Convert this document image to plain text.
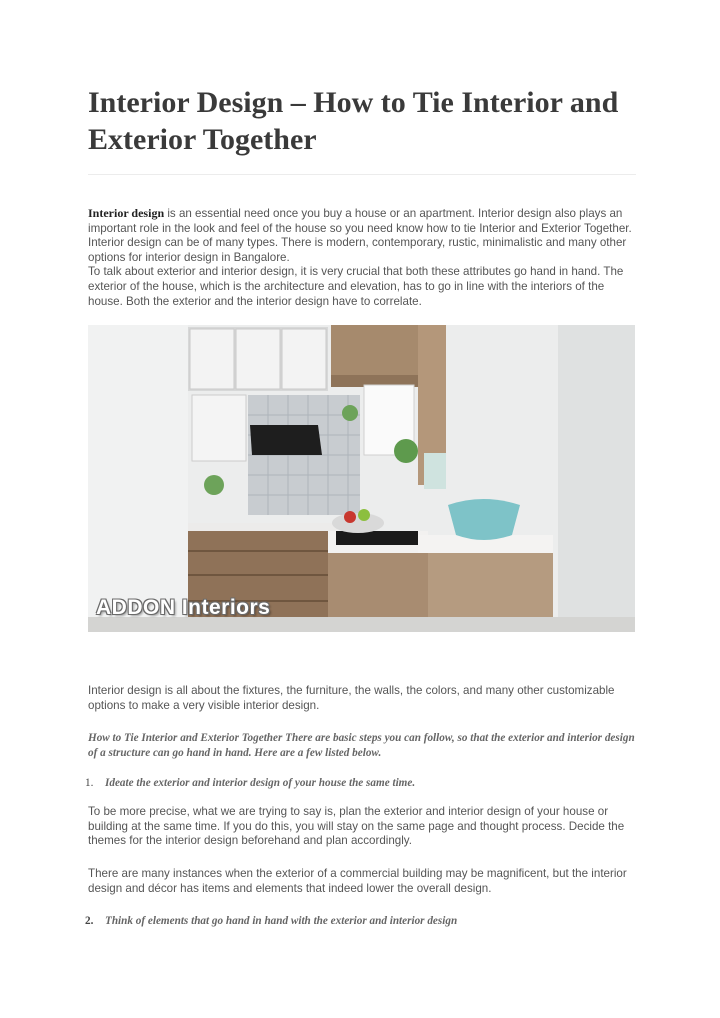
Interior Design – How to Tie Interior and Exterior Together

Interior design is an essential need once you buy a house or an apartment. Interior design also plays an important role in the look and feel of the house so you need know how to tie Interior and Exterior Together. Interior design can be of many types. There is modern, contemporary, rustic, minimalistic and many other options for interior design in Bangalore.
To talk about exterior and interior design, it is very crucial that both these attributes go hand in hand. The exterior of the house, which is the architecture and elevation, has to go in line with the interiors of the house. Both the exterior and the interior design have to correlate.

ADDON Interiors

Interior design is all about the fixtures, the furniture, the walls, the colors, and many other customizable options to make a very visible interior design.

How to Tie Interior and Exterior Together There are basic steps you can follow, so that the exterior and interior design of a structure can go hand in hand. Here are a few listed below.

1. Ideate the exterior and interior design of your house the same time.

To be more precise, what we are trying to say is, plan the exterior and interior design of your house or building at the same time. If you do this, you will stay on the same page and thought process. Decide the themes for the interior design beforehand and plan accordingly.

There are many instances when the exterior of a commercial building may be magnificent, but the interior design and décor has items and elements that indeed lower the overall design.

2. Think of elements that go hand in hand with the exterior and interior design
